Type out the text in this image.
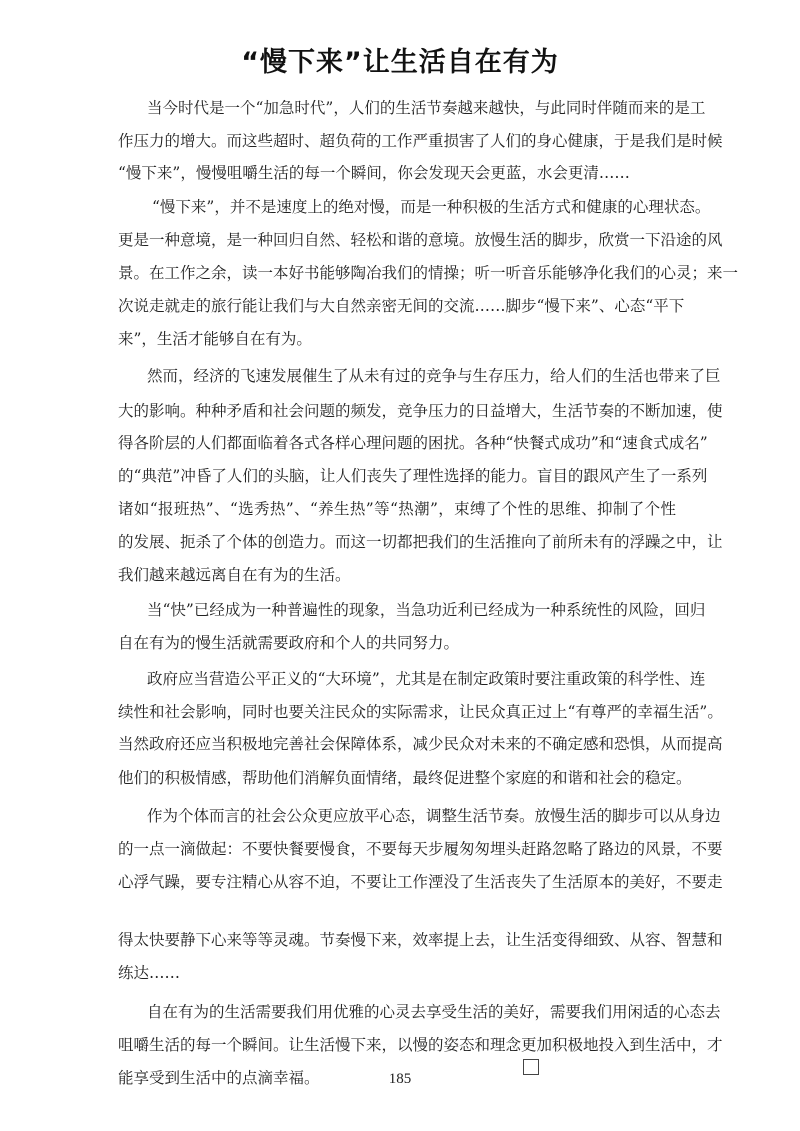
“慢下来”让生活自在有为
当今时代是一个“加急时代”，人们的生活节奏越来越快，与此同时伴随而来的是工
作压力的增大。而这些超时、超负荷的工作严重损害了人们的身心健康，于是我们是时候
“慢下来”，慢慢咀嚼生活的每一个瞬间，你会发现天会更蓝，水会更清……
“慢下来”，并不是速度上的绝对慢，而是一种积极的生活方式和健康的心理状态。
更是一种意境，是一种回归自然、轻松和谐的意境。放慢生活的脚步，欣赏一下沿途的风
景。在工作之余，读一本好书能够陶冶我们的情操；听一听音乐能够净化我们的心灵；来一
次说走就走的旅行能让我们与大自然亲密无间的交流……脚步“慢下来”、心态“平下
来”，生活才能够自在有为。
然而，经济的飞速发展催生了从未有过的竞争与生存压力，给人们的生活也带来了巨
大的影响。种种矛盾和社会问题的频发，竞争压力的日益增大，生活节奏的不断加速，使
得各阶层的人们都面临着各式各样心理问题的困扰。各种“快餐式成功”和“速食式成名”
的“典范”冲昏了人们的头脑，让人们丧失了理性选择的能力。盲目的跟风产生了一系列
诸如“报班热”、“选秀热”、“养生热”等“热潮”，束缚了个性的思维、抑制了个性
的发展、扼杀了个体的创造力。而这一切都把我们的生活推向了前所未有的浮躁之中，让
我们越来越远离自在有为的生活。
当“快”已经成为一种普遍性的现象，当急功近利已经成为一种系统性的风险，回归
自在有为的慢生活就需要政府和个人的共同努力。
政府应当营造公平正义的“大环境”，尤其是在制定政策时要注重政策的科学性、连
续性和社会影响，同时也要关注民众的实际需求，让民众真正过上“有尊严的幸福生活”。
当然政府还应当积极地完善社会保障体系，减少民众对未来的不确定感和恐惧，从而提高
他们的积极情感，帮助他们消解负面情绪，最终促进整个家庭的和谐和社会的稳定。
作为个体而言的社会公众更应放平心态，调整生活节奏。放慢生活的脚步可以从身边
的一点一滴做起：不要快餐要慢食，不要每天步履匆匆埋头赶路忽略了路边的风景，不要
心浮气躁，要专注精心从容不迫，不要让工作湮没了生活丧失了生活原本的美好，不要走
得太快要静下心来等等灵魂。节奏慢下来，效率提上去，让生活变得细致、从容、智慧和
练达……
自在有为的生活需要我们用优雅的心灵去享受生活的美好，需要我们用闲适的心态去
咀嚼生活的每一个瞬间。让生活慢下来，以慢的姿态和理念更加积极地投入到生活中，才
能享受到生活中的点滴幸福。	185
